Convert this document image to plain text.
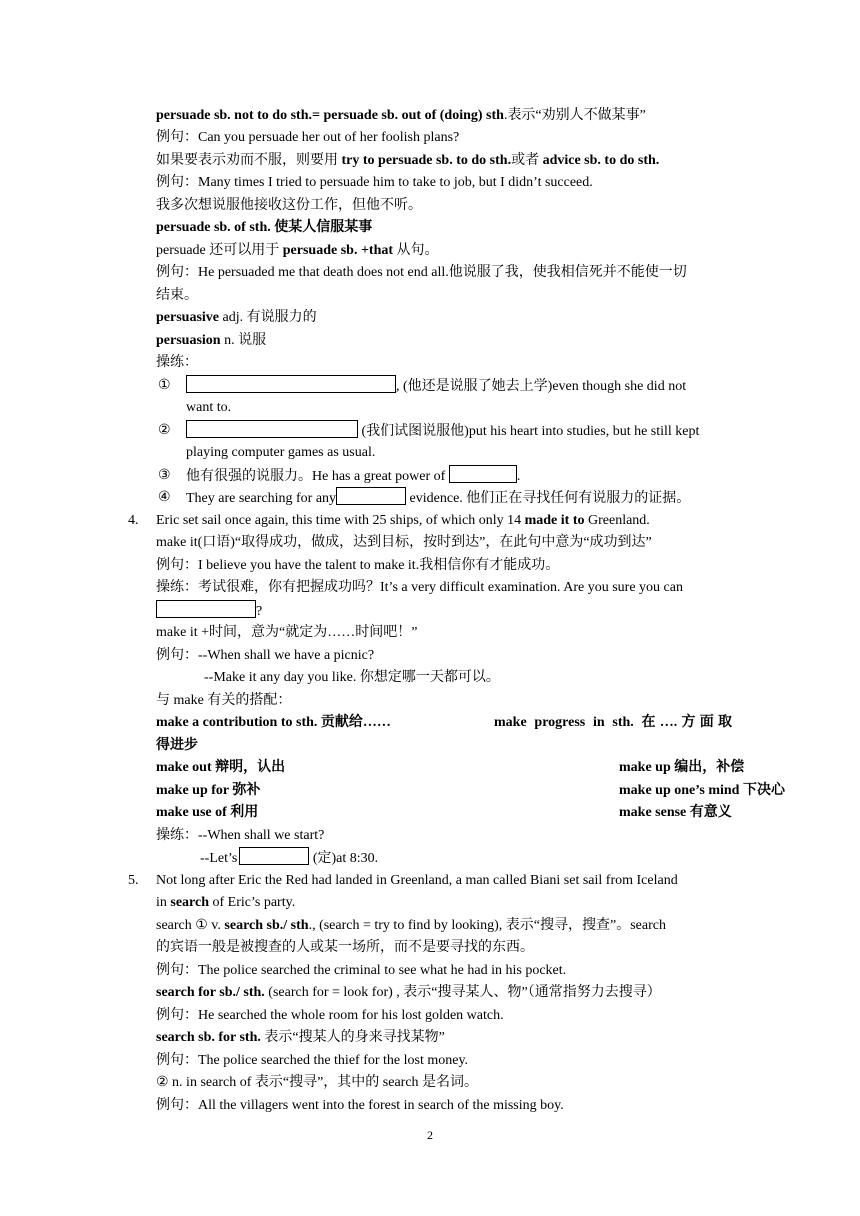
persuade sb. not to do sth.= persuade sb. out of (doing) sth.表示“劝别人不做某事”
例句：Can you persuade her out of her foolish plans?
如果要表示劝而不服，则要用 try to persuade sb. to do sth.或者 advice sb. to do sth.
例句：Many times I tried to persuade him to take to job, but I didn’t succeed.
我多次想说服他接收这份工作，但他不听。
persuade sb. of sth. 使某人信服某事
persuade 还可以用于 persuade sb. +that 从句。
例句：He persuaded me that death does not end all.他说服了我，使我相信死并不能使一切
结束。
persuasive adj. 有说服力的
persuasion n. 说服
操练：
①	, (他还是说服了她去上学)even though she did not
want to.
②	(我们试图说服他)put his heart into studies, but he still kept
playing computer games as usual.
③	他有很强的说服力。He has a great power of	.
④	They are searching for any	evidence. 他们正在寻找任何有说服力的证据。
4.	Eric set sail once again, this time with 25 ships, of which only 14 made it to Greenland.
make it(口语)“取得成功，做成，达到目标，按时到达”，在此句中意为“成功到达”
例句：I believe you have the talent to make it.我相信你有才能成功。
操练：考试很难，你有把握成功吗？It’s a very difficult examination. Are you sure you can
?
make it +时间，意为“就定为……时间吧！”
例句：--When shall we have a picnic?
--Make it any day you like. 你想定哪一天都可以。
与 make 有关的搭配：
make a contribution to sth. 贡献给……	make progress in sth. 在….方面取
得进步
make out 辩明，认出	make up 编出，补偿
make up for 弥补	make up one’s mind 下决心
make use of 利用	make sense 有意义
操练：--When shall we start?
--Let’s	(定)at 8:30.
5.	Not long after Eric the Red had landed in Greenland, a man called Biani set sail from Iceland
in search of Eric’s party.
search ① v. search sb./ sth., (search = try to find by looking), 表示“搜寻，搜查”。search
的宾语一般是被搜查的人或某一场所，而不是要寻找的东西。
例句：The police searched the criminal to see what he had in his pocket.
search for sb./ sth. (search for = look for) , 表示“搜寻某人、物”（通常指努力去搜寻）
例句：He searched the whole room for his lost golden watch.
search sb. for sth. 表示“搜某人的身来寻找某物”
例句：The police searched the thief for the lost money.
② n. in search of 表示“搜寻”，其中的 search 是名词。
例句：All the villagers went into the forest in search of the missing boy.
2
